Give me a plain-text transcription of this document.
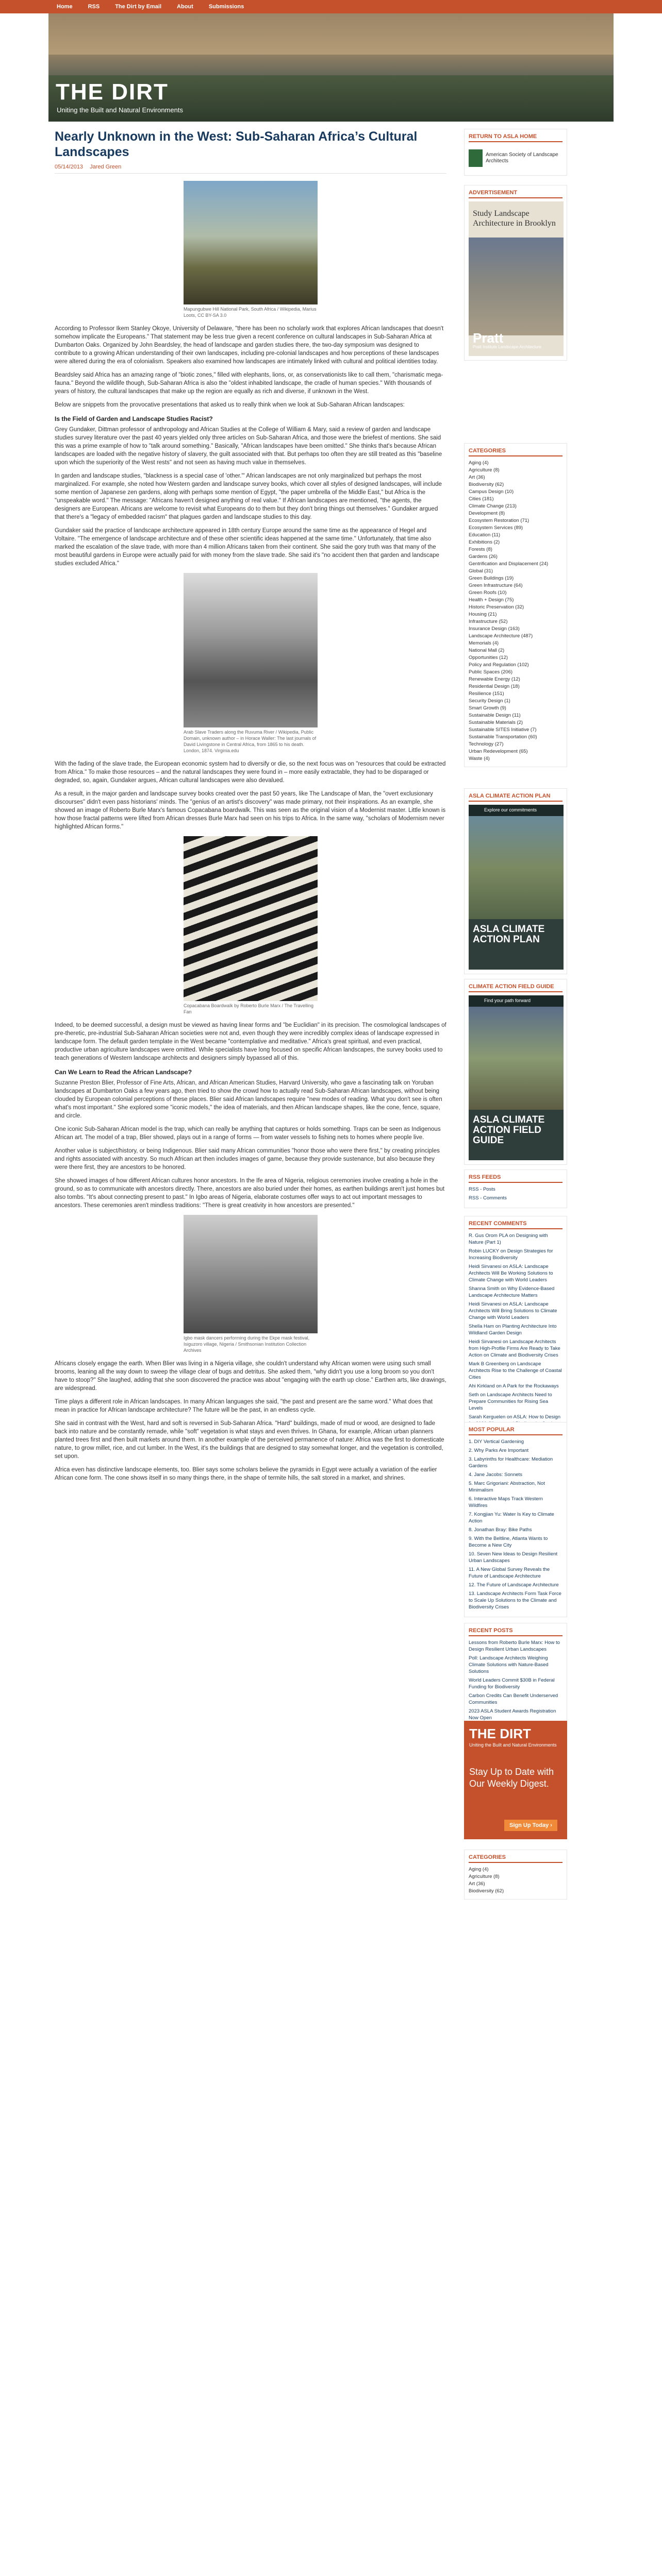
Home	RSS	The Dirt by Email	About	Submissions
THE DIRT
Uniting the Built and Natural Environments
Nearly Unknown in the West: Sub-Saharan Africa’s Cultural Landscapes
05/14/2013 Jared Green
Mapungubwe Hill National Park, South Africa / Wikipedia, Marius Loots, CC BY-SA 3.0

According to Professor Ikem Stanley Okoye, University of Delaware, "there has been no scholarly work that explores African landscapes that doesn't somehow implicate the Europeans." That statement may be less true given a recent conference on cultural landscapes in Sub-Saharan Africa at Dumbarton Oaks. Organized by John Beardsley, the head of landscape and garden studies there, the two-day symposium was designed to contribute to a growing African understanding of their own landscapes, including pre-colonial landscapes and how perceptions of these landscapes were altered during the era of colonialism. Speakers also examined how landscapes are intimately linked with cultural and political identities today.

Beardsley said Africa has an amazing range of "biotic zones," filled with elephants, lions, or, as conservationists like to call them, "charismatic mega-fauna." Beyond the wildlife though, Sub-Saharan Africa is also the "oldest inhabited landscape, the cradle of human species." With thousands of years of history, the cultural landscapes that make up the region are equally as rich and diverse, if unknown in the West.

Below are snippets from the provocative presentations that asked us to really think when we look at Sub-Saharan African landscapes:

Is the Field of Garden and Landscape Studies Racist?

Grey Gundaker, Dittman professor of anthropology and African Studies at the College of William & Mary, said a review of garden and landscape studies survey literature over the past 40 years yielded only three articles on Sub-Saharan Africa, and those were the briefest of mentions. She said this was a prime example of how to "talk around something." Basically, "African landscapes have been omitted." She thinks that's because African landscapes are loaded with the negative history of slavery, the guilt associated with that. But perhaps too often they are still treated as this "baseline upon which the superiority of the West rests" and not seen as having much value in themselves.

In garden and landscape studies, "blackness is a special case of 'other.'" African landscapes are not only marginalized but perhaps the most marginalized. For example, she noted how Western garden and landscape survey books, which cover all styles of designed landscapes, will include some mention of Japanese zen gardens, along with perhaps some mention of Egypt, "the paper umbrella of the Middle East," but Africa is the "unspeakable word." The message: "Africans haven't designed anything of real value." If African landscapes are mentioned, "the agents, the designers are European. Africans are welcome to revisit what Europeans do to them but they don't bring things out themselves." Gundaker argued that there's a "legacy of embedded racism" that plagues garden and landscape studies to this day.

Gundaker said the practice of landscape architecture appeared in 18th century Europe around the same time as the appearance of Hegel and Voltaire. "The emergence of landscape architecture and of these other scientific ideas happened at the same time." Unfortunately, that time also marked the escalation of the slave trade, with more than 4 million Africans taken from their continent. She said the gory truth was that many of the most beautiful gardens in Europe were actually paid for with money from the slave trade. She said it's "no accident then that garden and landscape studies excluded Africa."

Arab Slave Traders along the Ruvuma River / Wikipedia, Public Domain, unknown author – in Horace Waller: The last journals of David Livingstone in Central Africa, from 1865 to his death. London, 1874. Virginia.edu

With the fading of the slave trade, the European economic system had to diversify or die, so the next focus was on "resources that could be extracted from Africa." To make those resources – and the natural landscapes they were found in – more easily extractable, they had to be disparaged or degraded, so, again, Gundaker argues, African cultural landscapes were also devalued.

As a result, in the major garden and landscape survey books created over the past 50 years, like The Landscape of Man, the "overt exclusionary discourses" didn't even pass historians' minds. The "genius of an artist's discovery" was made primary, not their inspirations. As an example, she showed an image of Roberto Burle Marx's famous Copacabana boardwalk. This was seen as the original vision of a Modernist master. Little known is how those fractal patterns were lifted from African dresses Burle Marx had seen on his trips to Africa. In the same way, "scholars of Modernism never highlighted African forms."

Copacabana Boardwalk by Roberto Burle Marx / The Travelling Fan

Indeed, to be deemed successful, a design must be viewed as having linear forms and "be Euclidian" in its precision. The cosmological landscapes of pre-theretic, pre-industrial Sub-Saharan African societies were not and, even though they were incredibly complex ideas of landscape expressed in landscape form. The default garden template in the West became "contemplative and meditative." Africa's great spiritual, and even practical, productive urban agriculture landscapes were omitted. While specialists have long focused on specific African landscapes, the survey books used to teach generations of Western landscape architects and designers simply bypassed all of this.

Can We Learn to Read the African Landscape?

Suzanne Preston Blier, Professor of Fine Arts, African, and African American Studies, Harvard University, who gave a fascinating talk on Yoruban landscapes at Dumbarton Oaks a few years ago, then tried to show the crowd how to actually read Sub-Saharan African landscapes, without being clouded by European colonial perceptions of these places. Blier said African landscapes require "new modes of reading. What you don't see is often what's most important." She explored some "iconic models," the idea of materials, and then African landscape shapes, like the cone, fence, square, and circle.

One iconic Sub-Saharan African model is the trap, which can really be anything that captures or holds something. Traps can be seen as Indigenous African art. The model of a trap, Blier showed, plays out in a range of forms — from water vessels to fishing nets to homes where people live.

Another value is subject/history, or being Indigenous. Blier said many African communities "honor those who were there first," by creating principles and rights associated with ancestry. So much African art then includes images of game, because they provide sustenance, but also because they were there first, they are ancestors to be honored.

She showed images of how different African cultures honor ancestors. In the Ife area of Nigeria, religious ceremonies involve creating a hole in the ground, so as to communicate with ancestors directly. There, ancestors are also buried under their homes, as earthen buildings aren't just homes but also tombs. "It's about connecting present to past." In Igbo areas of Nigeria, elaborate costumes offer ways to act out important messages to ancestors. These ceremonies aren't mindless traditions: "There is great creativity in how ancestors are presented."

Igbo mask dancers performing during the Ekpe mask festival, Isiguzoro village, Nigeria / Smithsonian Institution Collection Archives

Africans closely engage the earth. When Blier was living in a Nigeria village, she couldn't understand why African women were using such small brooms, leaning all the way down to sweep the village clear of bugs and detritus. She asked them, "why didn't you use a long broom so you don't have to stoop?" She laughed, adding that she soon discovered the practice was about "engaging with the earth up close." Earthen arts, like drawings, are widespread.

Time plays a different role in African landscapes. In many African languages she said, "the past and present are the same word." What does that mean in practice for African landscape architecture? The future will be the past, in an endless cycle.

She said in contrast with the West, hard and soft is reversed in Sub-Saharan Africa. "Hard" buildings, made of mud or wood, are designed to fade back into nature and be constantly remade, while "soft" vegetation is what stays and even thrives. In Ghana, for example, African urban planners planted trees first and then built markets around them. In another example of the perceived permanence of nature: Africa was the first to domesticate nature, to grow millet, rice, and cut lumber. In the West, it's the buildings that are designed to stay somewhat longer, and the vegetation is controlled, set upon.

Africa even has distinctive landscape elements, too. Blier says some scholars believe the pyramids in Egypt were actually a variation of the earlier African cone form. The cone shows itself in so many things there, in the shape of termite hills, the salt stored in a market, and shrines.

RETURN TO ASLA HOME
American Society of Landscape Architects
ADVERTISEMENT
Study Landscape Architecture in Brooklyn
Pratt
Pratt Institute Landscape Architecture
CATEGORIES
Aging (4)
Agriculture (8)
Art (36)
Biodiversity (62)
Campus Design (10)
Cities (181)
Climate Change (213)
Development (8)
Ecosystem Restoration (71)
Ecosystem Services (89)
Education (11)
Exhibitions (2)
Forests (8)
Gardens (26)
Gentrification and Displacement (24)
Global (31)
Green Buildings (19)
Green Infrastructure (64)
Green Roofs (10)
Health + Design (75)
Historic Preservation (32)
Housing (21)
Infrastructure (52)
Insurance Design (163)
Landscape Architecture (487)
Memorials (4)
National Mall (2)
Opportunities (12)
Policy and Regulation (102)
Public Spaces (206)
Renewable Energy (12)
Residential Design (18)
Resilience (151)
Security Design (1)
Smart Growth (9)
Sustainable Design (11)
Sustainable Materials (2)
Sustainable SITES Initiative (7)
Sustainable Transportation (60)
Technology (27)
Urban Redevelopment (65)
Waste (4)
ASLA CLIMATE ACTION PLAN
Explore our commitments
ASLA CLIMATE ACTION PLAN
CLIMATE ACTION FIELD GUIDE
Find your path forward
ASLA CLIMATE ACTION FIELD GUIDE
RSS FEEDS
RSS - Posts
RSS - Comments
RECENT COMMENTS
R. Gus Orom PLA on Designing with Nature (Part 1)
Robin LUCKY on Design Strategies for Increasing Biodiversity
Heidi Sirvanesi on ASLA: Landscape Architects Will Be Working Solutions to Climate Change with World Leaders
Shanna Smith on Why Evidence-Based Landscape Architecture Matters
Heidi Sirvanesi on ASLA: Landscape Architects Will Bring Solutions to Climate Change with World Leaders
Shella Ham on Planting Architecture Into Wildland Garden Design
Heidi Sirvanesi on Landscape Architects from High-Profile Firms Are Ready to Take Action on Climate and Biodiversity Crises
Mark B Greenberg on Landscape Architects Rise to the Challenge of Coastal Cities
Ahi Kirkland on A Park for the Rockaways
Seth on Landscape Architects Need to Prepare Communities for Rising Sea Levels
Sarah Kerguelen on ASLA: How to Design
MOST POPULAR
1. DIY Vertical Gardening
2. Why Parks Are Important
3. Labyrinths for Healthcare: Mediation Gardens
4. Jane Jacobs: Sonnets
5. Marc Grigoriani: Abstraction, Not Minimalism
6. Interactive Maps Track Western Wildfires
7. Kongjian Yu: Water Is Key to Climate Action
8. Jonathan Bray: Bike Paths
9. With the Beltline, Atlanta Wants to Become a New City
10. Seven New Ideas to Design Resilient Urban Landscapes
11. A New Global Survey Reveals the Future of Landscape Architecture
12. The Future of Landscape Architecture
13. Landscape Architects Form Task Force to Scale Up Solutions to the Climate and Biodiversity Crises
RECENT POSTS
Lessons from Roberto Burle Marx: How to Design Resilient Urban Landscapes
Poll: Landscape Architects Weighing Climate Solutions with Nature-Based Solutions
World Leaders Commit $30B in Federal Funding for Biodiversity
Carbon Credits Can Benefit Underserved Communities
2023 ASLA Student Awards Registration Now Open
THE DIRT
Uniting the Built and Natural Environments
Stay Up to Date with Our Weekly Digest.
Sign Up Today ›
CATEGORIES
Aging (4)
Agriculture (8)
Art (36)
Biodiversity (62)
